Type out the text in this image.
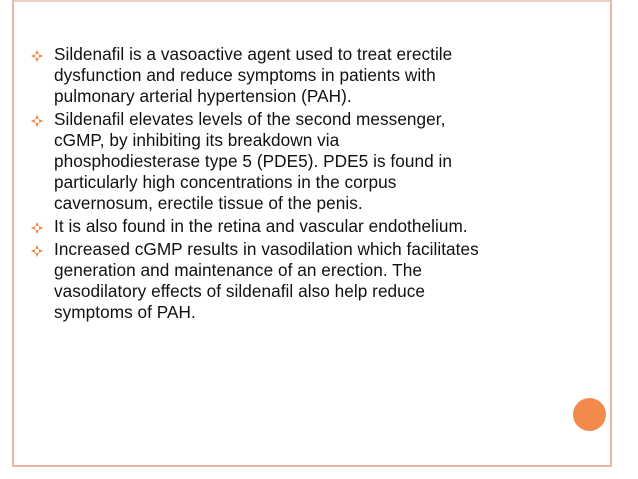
Sildenafil is a vasoactive agent used to treat erectile
dysfunction and reduce symptoms in patients with
pulmonary arterial hypertension (PAH).
Sildenafil elevates levels of the second messenger,
cGMP, by inhibiting its breakdown via
phosphodiesterase type 5 (PDE5). PDE5 is found in
particularly high concentrations in the corpus
cavernosum, erectile tissue of the penis.
It is also found in the retina and vascular endothelium.
Increased cGMP results in vasodilation which facilitates
generation and maintenance of an erection. The
vasodilatory effects of sildenafil also help reduce
symptoms of PAH.
